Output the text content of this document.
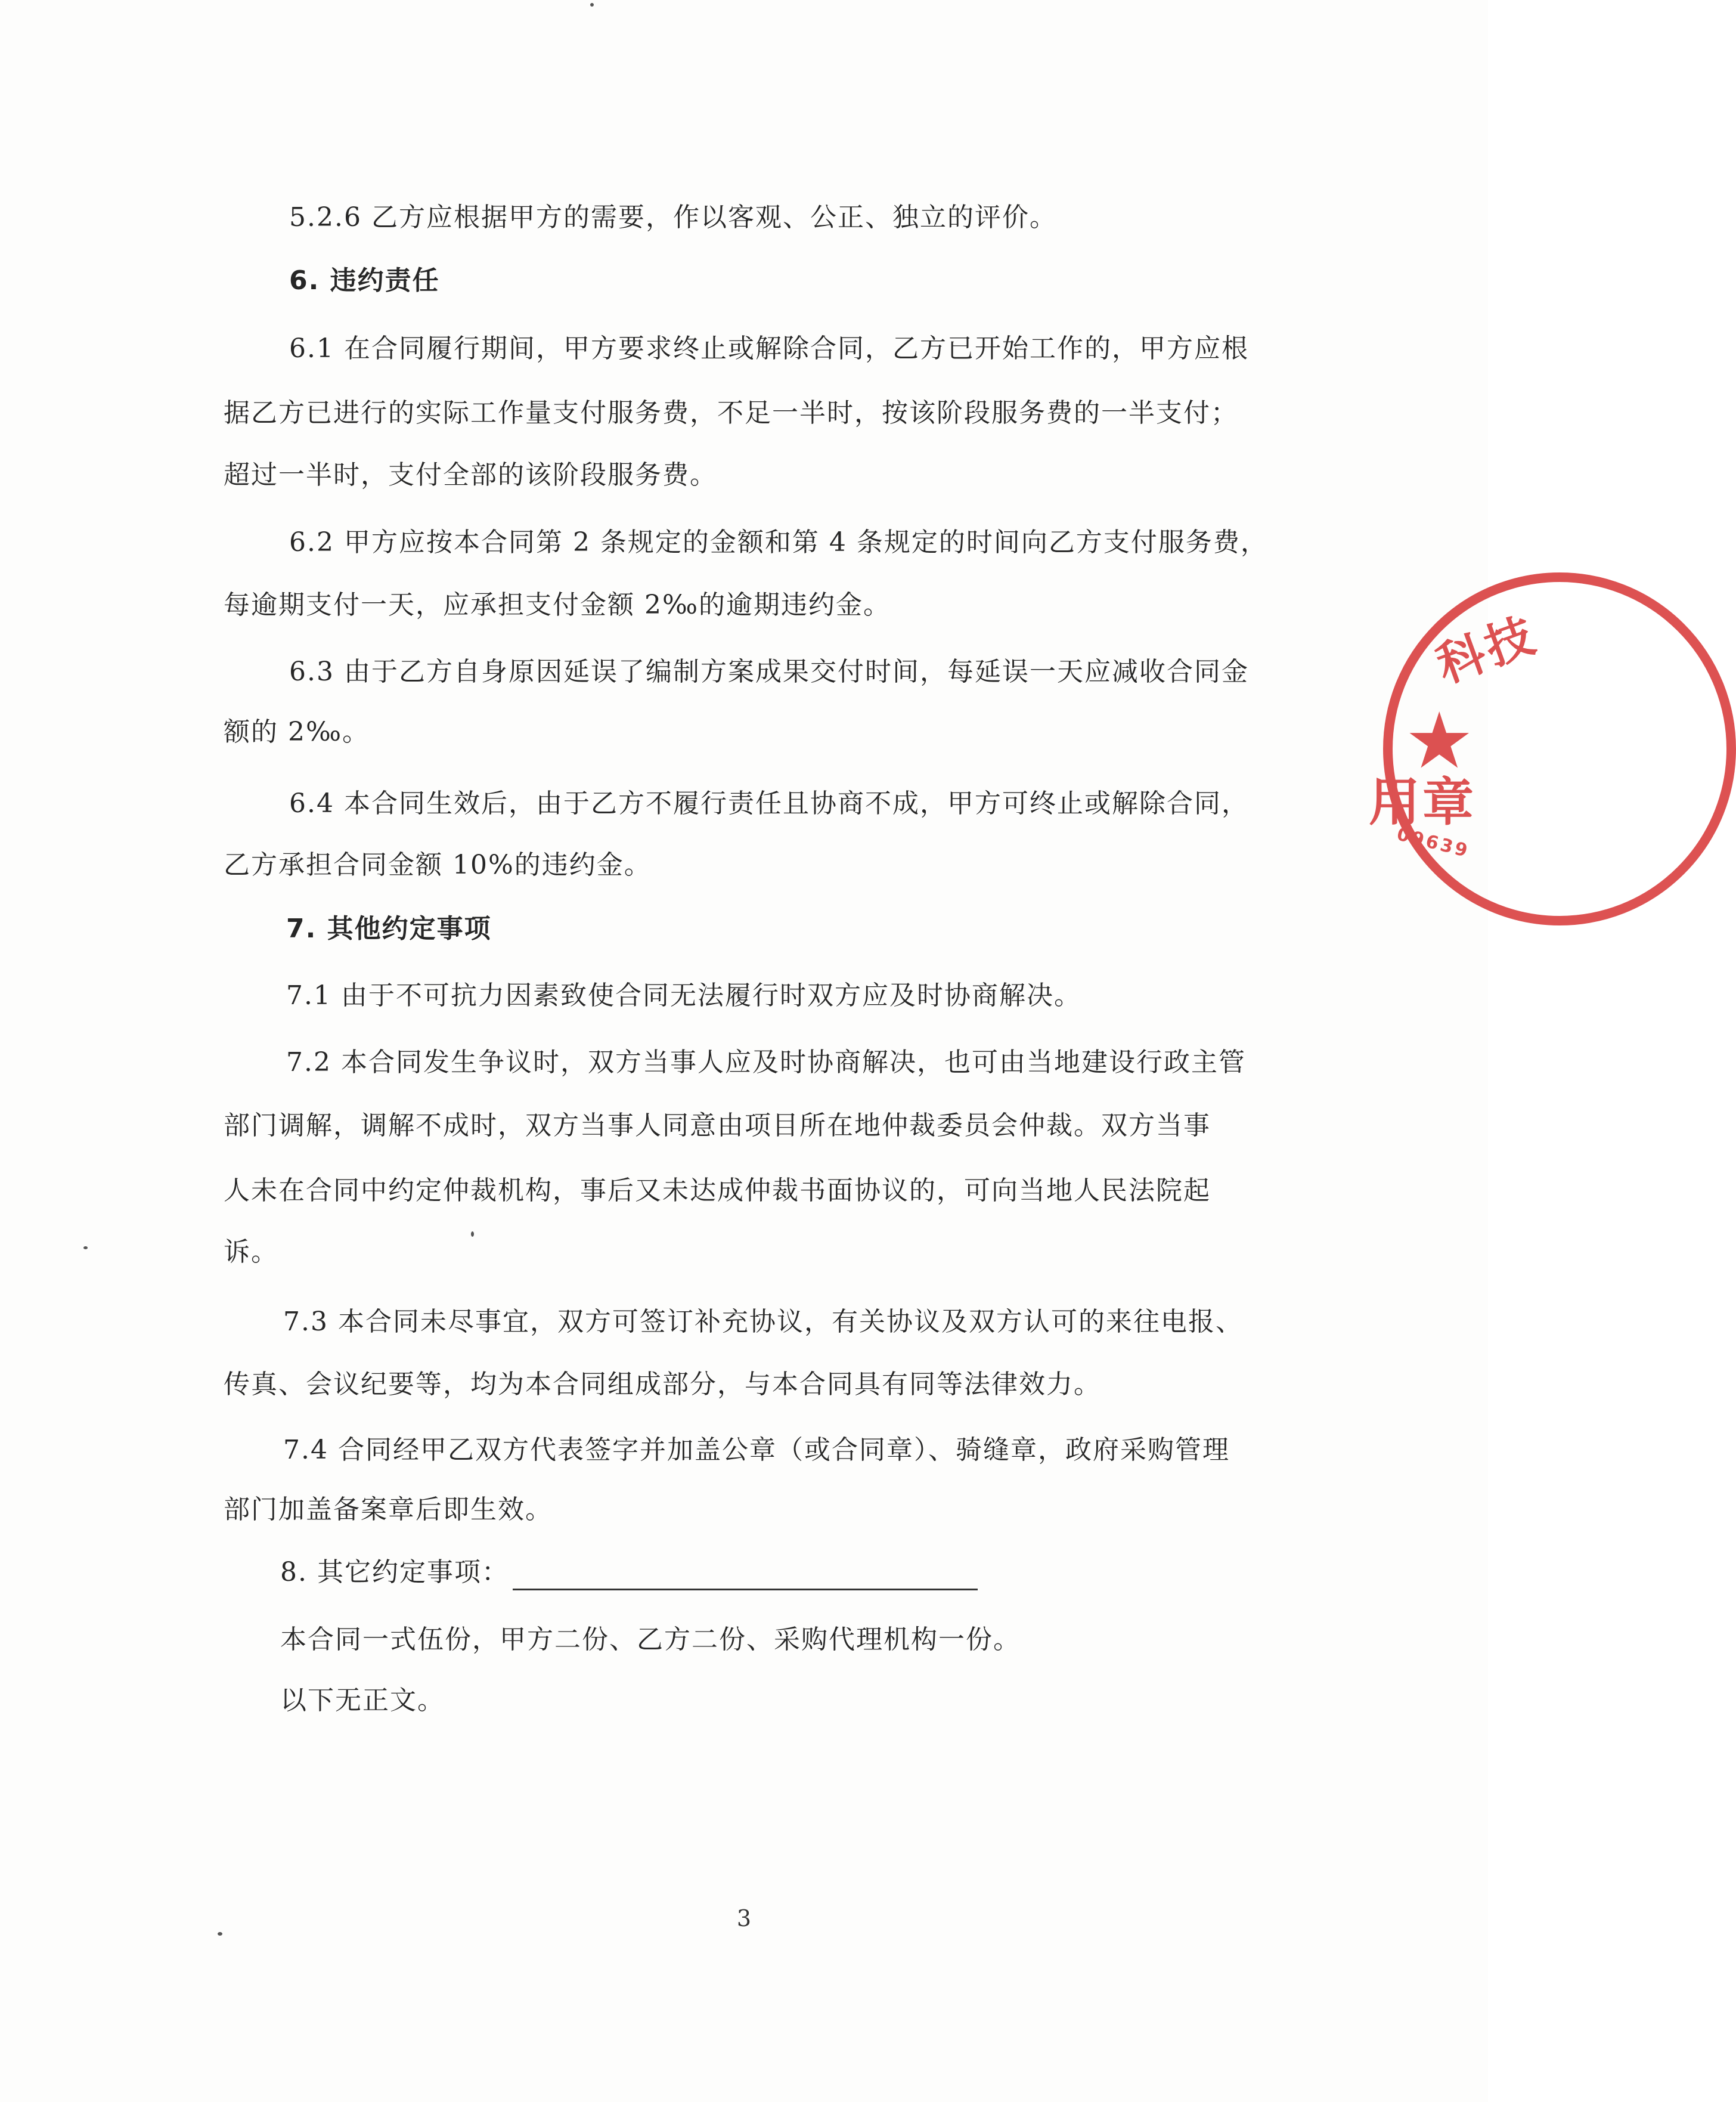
5.2.6 乙方应根据甲方的需要，作以客观、公正、独立的评价。
6. 违约责任
6.1 在合同履行期间，甲方要求终止或解除合同，乙方已开始工作的，甲方应根
据乙方已进行的实际工作量支付服务费，不足一半时，按该阶段服务费的一半支付；
超过一半时，支付全部的该阶段服务费。
6.2 甲方应按本合同第 2 条规定的金额和第 4 条规定的时间向乙方支付服务费，
每逾期支付一天，应承担支付金额 2‰的逾期违约金。
6.3 由于乙方自身原因延误了编制方案成果交付时间，每延误一天应减收合同金
额的 2‰。
6.4 本合同生效后，由于乙方不履行责任且协商不成，甲方可终止或解除合同，
乙方承担合同金额 10%的违约金。
7. 其他约定事项
7.1 由于不可抗力因素致使合同无法履行时双方应及时协商解决。
7.2 本合同发生争议时，双方当事人应及时协商解决，也可由当地建设行政主管
部门调解，调解不成时，双方当事人同意由项目所在地仲裁委员会仲裁。双方当事
人未在合同中约定仲裁机构，事后又未达成仲裁书面协议的，可向当地人民法院起
诉。
7.3 本合同未尽事宜，双方可签订补充协议，有关协议及双方认可的来往电报、
传真、会议纪要等，均为本合同组成部分，与本合同具有同等法律效力。
7.4 合同经甲乙双方代表签字并加盖公章（或合同章）、骑缝章，政府采购管理
部门加盖备案章后即生效。
8. 其它约定事项：
本合同一式伍份，甲方二份、乙方二份、采购代理机构一份。
以下无正文。
3
科技
★
用章
09639
